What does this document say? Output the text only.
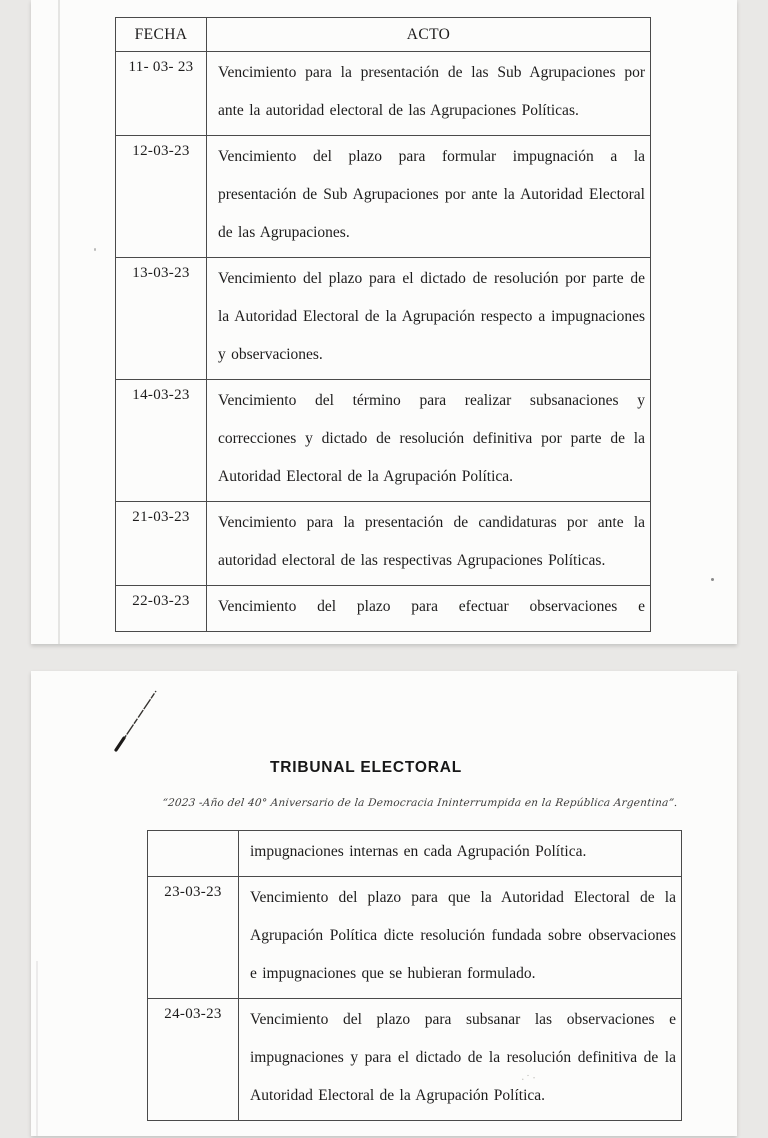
FECHA	ACTO
11- 03- 23	Vencimiento para la presentación de las Sub Agrupaciones por ante la autoridad electoral de las Agrupaciones Políticas.
12-03-23	Vencimiento del plazo para formular impugnación a la presentación de Sub Agrupaciones por ante la Autoridad Electoral de las Agrupaciones.
13-03-23	Vencimiento del plazo para el dictado de resolución por parte de la Autoridad Electoral de la Agrupación respecto a impugnaciones y observaciones.
14-03-23	Vencimiento del término para realizar subsanaciones y correcciones y dictado de resolución definitiva por parte de la Autoridad Electoral de la Agrupación Política.
21-03-23	Vencimiento para la presentación de candidaturas por ante la autoridad electoral de las respectivas Agrupaciones Políticas.
22-03-23	Vencimiento del plazo para efectuar observaciones e
TRIBUNAL ELECTORAL
“2023 -Año del 40° Aniversario de la Democracia Ininterrumpida en la República Argentina”.
	impugnaciones internas en cada Agrupación Política.
23-03-23	Vencimiento del plazo para que la Autoridad Electoral de la Agrupación Política dicte resolución fundada sobre observaciones e impugnaciones que se hubieran formulado.
24-03-23	Vencimiento del plazo para subsanar las observaciones e impugnaciones y para el dictado de la resolución definitiva de la Autoridad Electoral de la Agrupación Política.
·˙·
